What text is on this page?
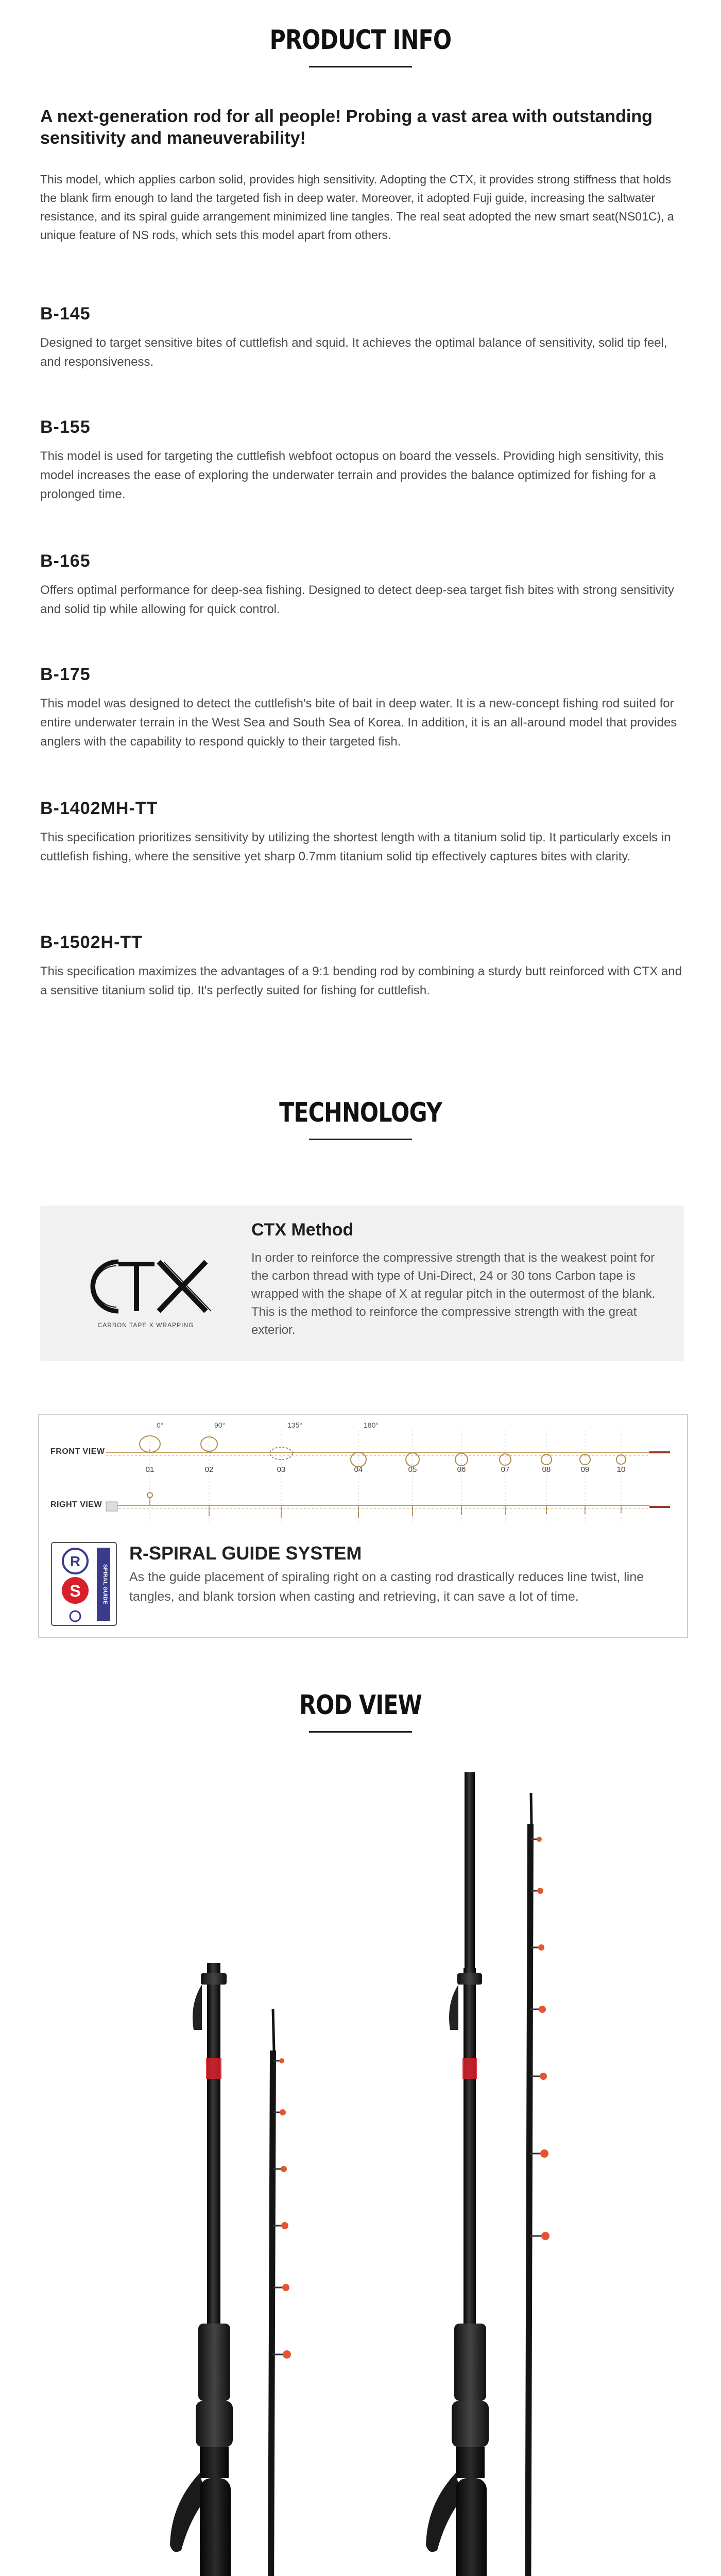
PRODUCT INFO
A next-generation rod for all people! Probing a vast area with outstanding sensitivity and maneuverability!
This model, which applies carbon solid, provides high sensitivity. Adopting the CTX, it provides strong stiffness that holds the blank firm enough to land the targeted fish in deep water. Moreover, it adopted Fuji guide, increasing the saltwater resistance, and its spiral guide arrangement minimized line tangles. The real seat adopted the new smart seat(NS01C), a unique feature of NS rods, which sets this model apart from others.
B-145
Designed to target sensitive bites of cuttlefish and squid. It achieves the optimal balance of sensitivity, solid tip feel, and responsiveness.
B-155
This model is used for targeting the cuttlefish webfoot octopus on board the vessels. Providing high sensitivity, this model increases the ease of exploring the underwater terrain and provides the balance optimized for fishing for a prolonged time.
B-165
Offers optimal performance for deep-sea fishing. Designed to detect deep-sea target fish bites with strong sensitivity and solid tip while allowing for quick control.
B-175
This model was designed to detect the cuttlefish's bite of bait in deep water. It is a new-concept fishing rod suited for entire underwater terrain in the West Sea and South Sea of Korea. In addition, it is an all-around model that provides anglers with the capability to respond quickly to their targeted fish.
B-1402MH-TT
This specification prioritizes sensitivity by utilizing the shortest length with a titanium solid tip. It particularly excels in cuttlefish fishing, where the sensitive yet sharp 0.7mm titanium solid tip effectively captures bites with clarity.
B-1502H-TT
This specification maximizes the advantages of a 9:1 bending rod by combining a sturdy butt reinforced with CTX and a sensitive titanium solid tip. It's perfectly suited for fishing for cuttlefish.
TECHNOLOGY
CARBON TAPE X WRAPPING
CTX Method
In order to reinforce the compressive strength that is the weakest point for the carbon thread with type of Uni-Direct, 24 or 30 tons Carbon tape is wrapped with the shape of X at regular pitch in the outermost of the blank. This is the method to reinforce the compressive strength with the great exterior.
FRONT VIEW
RIGHT VIEW
01	02	03	04	05	06	07	08	09	10
0°	90°	135°	180°
R
S	SPIRAL GUIDE
R-SPIRAL GUIDE SYSTEM
As the guide placement of spiraling right on a casting rod drastically reduces line twist, line tangles, and blank torsion when casting and retrieving, it can save a lot of time.
ROD VIEW
